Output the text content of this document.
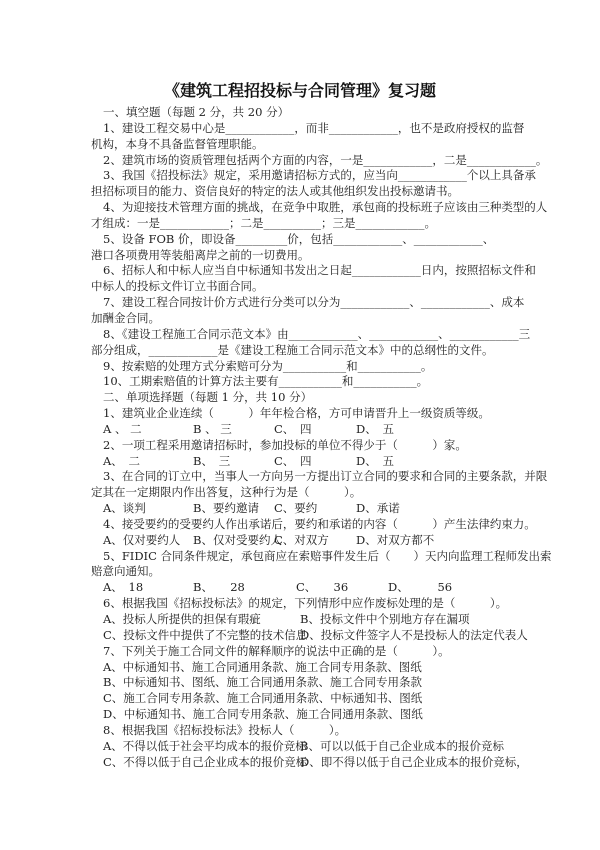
《建筑工程招投标与合同管理》复习题
一、填空题（每题 2 分，共 20 分）
1、建设工程交易中心是____________，而非____________，也不是政府授权的监督
机构，本身不具备监督管理职能。
2、建筑市场的资质管理包括两个方面的内容，一是____________，二是____________。
3、我国《招投标法》规定，采用邀请招标方式的，应当向____________个以上具备承
担招标项目的能力、资信良好的特定的法人或其他组织发出投标邀请书。
4、为迎接技术管理方面的挑战，在竞争中取胜，承包商的投标班子应该由三种类型的人
才组成：一是____________；二是__________；三是____________。
5、设备 FOB 价，即设备_________价，包括____________、____________、
港口各项费用等装船离岸之前的一切费用。
6、招标人和中标人应当自中标通知书发出之日起____________日内，按照招标文件和
中标人的投标文件订立书面合同。
7、建设工程合同按计价方式进行分类可以分为____________、____________、成本
加酬金合同。
8、《建设工程施工合同示范文本》由____________、____________、____________三
部分组成，____________是《建设工程施工合同示范文本》中的总纲性的文件。
9、按索赔的处理方式分索赔可分为___________和___________。
10、工期索赔值的计算方法主要有___________和___________。
二、单项选择题（每题 1 分，共 10 分）
1、建筑业企业连续（　　　）年年检合格，方可申请晋升上一级资质等级。
A 、 二	B 、 三	C、　四	D、　五
2、一项工程采用邀请招标时，参加投标的单位不得少于（　　　）家。
A、　二	B、　三	C、　四	D、　五
3、在合同的订立中，当事人一方向另一方提出订立合同的要求和合同的主要条款，并限
定其在一定期限内作出答复，这种行为是（　　　）。
A、谈判	B、要约邀请 C、要约	D、承诺
4、接受要约的受要约人作出承诺后，要约和承诺的内容（　　　）产生法律约束力。
A、仅对要约人 B、仅对受要约人
C、对双方 D、对双方都不
5、FIDIC 合同条件规定，承包商应在索赔事件发生后（　　）天内向监理工程师发出索
赔意向通知。
A、　18	B、　　28	C、　　36	D、　　　56
6、根据我国《招标投标法》的规定，下列情形中应作废标处理的是（　　　）。
A、投标人所提供的担保有瑕疵	B、投标文件中个别地方存在漏项
C、投标文件中提供了不完整的技术信息
D、投标文件签字人不是投标人的法定代表人
7、下列关于施工合同文件的解释顺序的说法中正确的是（　　　）。
A、中标通知书、施工合同通用条款、施工合同专用条款、图纸
B、中标通知书、图纸、施工合同通用条款、施工合同专用条款
C、施工合同专用条款、施工合同通用条款、中标通知书、图纸
D、中标通知书、施工合同专用条款、施工合同通用条款、图纸
8、根据我国《招标投标法》投标人（　　　）。
A、不得以低于社会平均成本的报价竞标
B、可以以低于自己企业成本的报价竞标
C、不得以低于自己企业成本的报价竞标
D、即不得以低于自己企业成本的报价竞标，
